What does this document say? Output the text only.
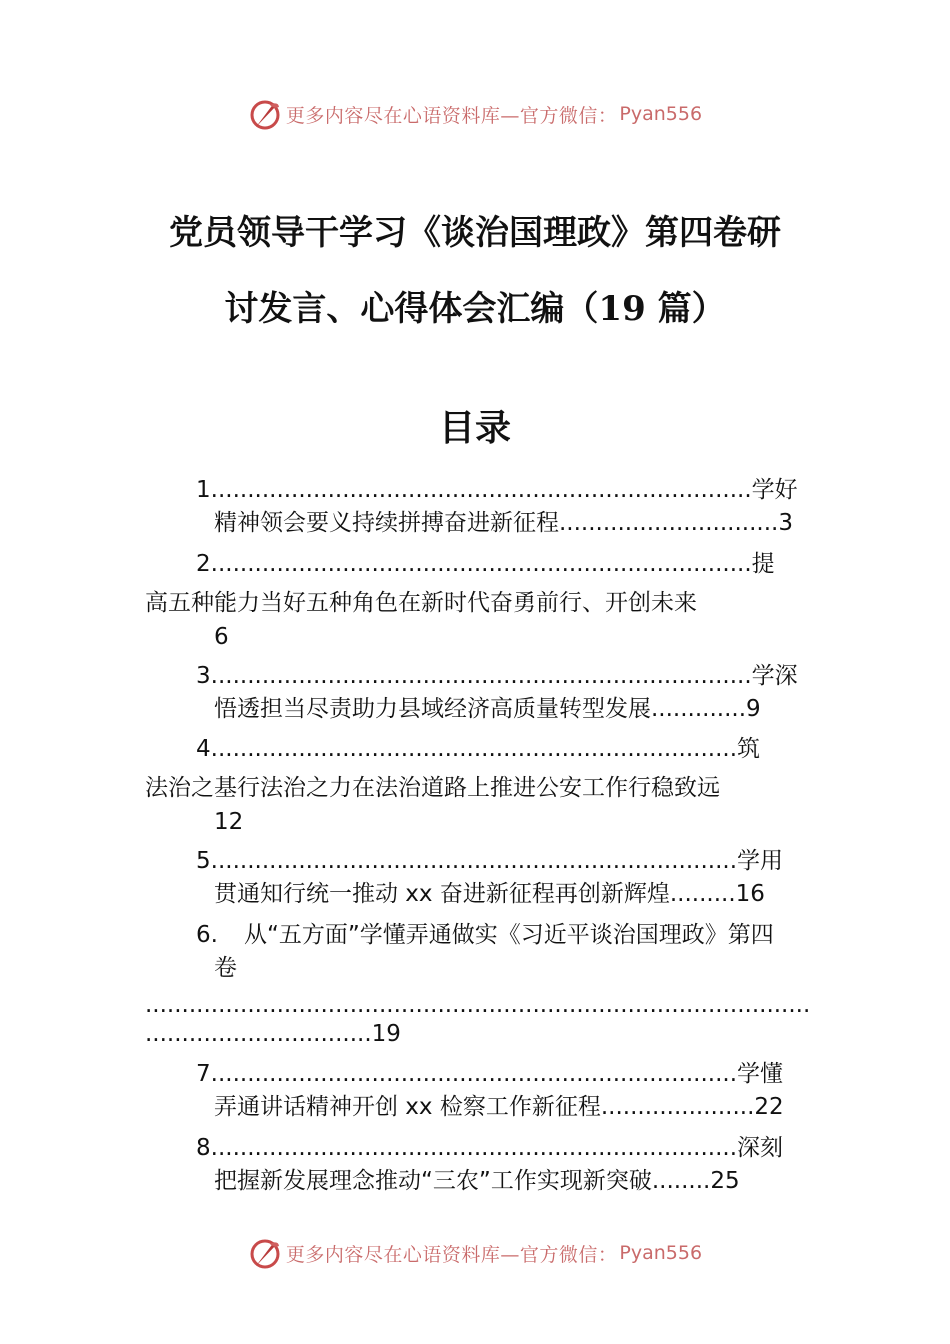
更多内容尽在心语资料库—官方微信： Pyan556
党员领导干学习《谈治国理政》第四卷研
讨发言、心得体会汇编（19 篇）
目录
1..........................................................................学好
精神领会要义持续拼搏奋进新征程..............................3
2..........................................................................提
高五种能力当好五种角色在新时代奋勇前行、开创未来
6
3..........................................................................学深
悟透担当尽责助力县域经济高质量转型发展.............9
4........................................................................筑
法治之基行法治之力在法治道路上推进公安工作行稳致远
12
5........................................................................学用
贯通知行统一推动 xx 奋进新征程再创新辉煌.........16
6. 从“五方面”学懂弄通做实《习近平谈治国理政》第四
卷
...........................................................................................
...............................19
7........................................................................学懂
弄通讲话精神开创 xx 检察工作新征程.....................22
8........................................................................深刻
把握新发展理念推动“三农”工作实现新突破........25
更多内容尽在心语资料库—官方微信： Pyan556
